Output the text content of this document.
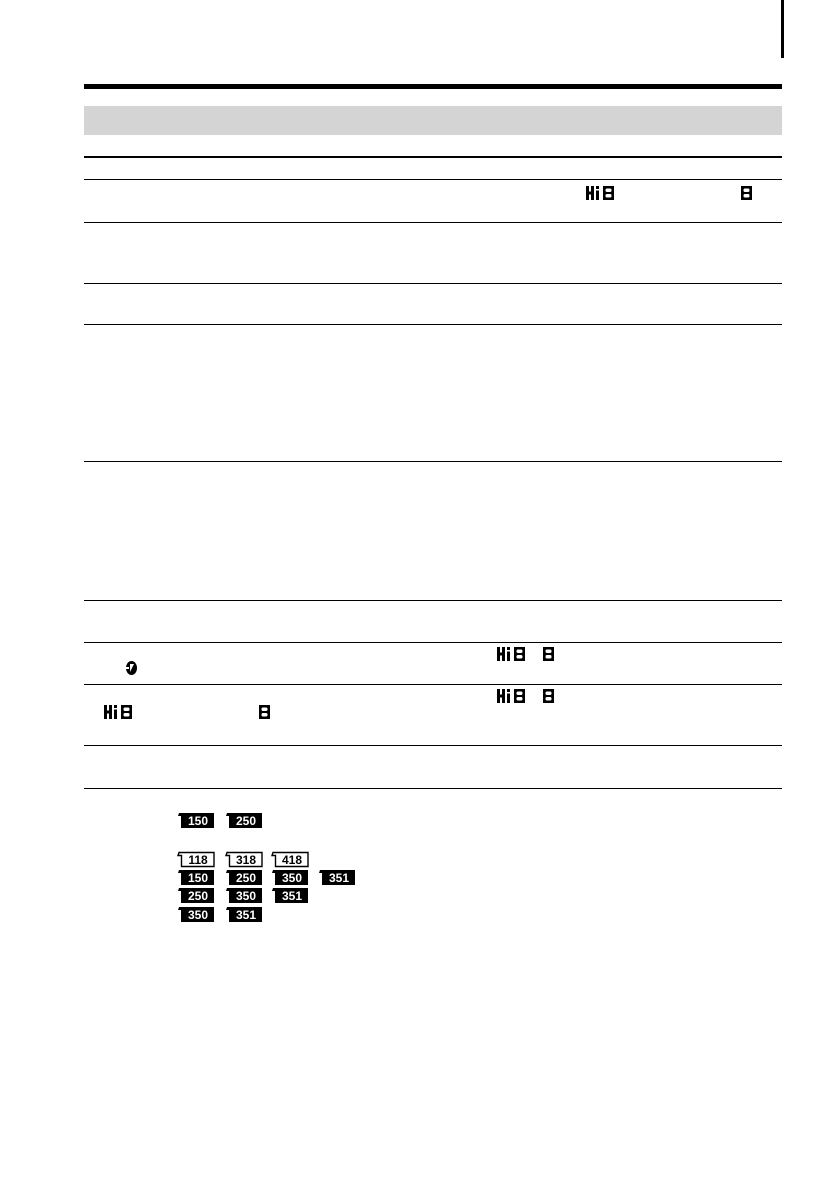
150 250
118 318 418
150 250 350 351
250 350 351
350 351
